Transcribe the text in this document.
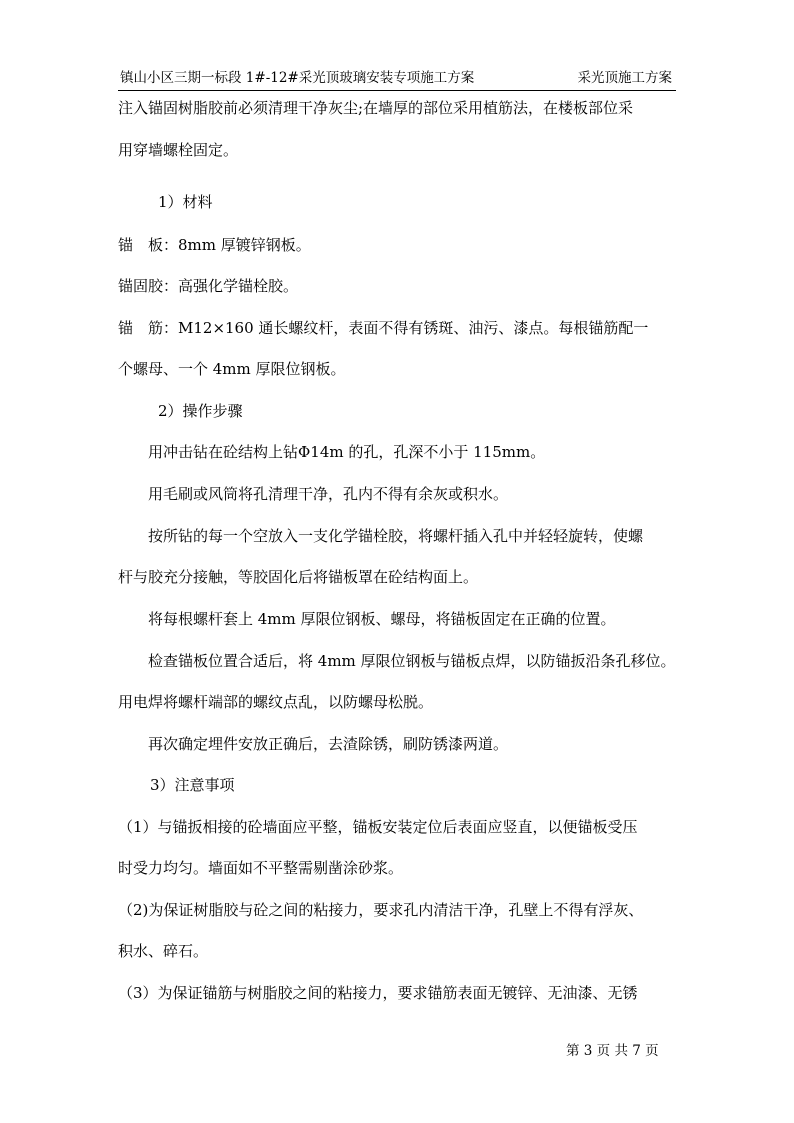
镇山小区三期一标段 1#-12#采光顶玻璃安装专项施工方案	采光顶施工方案
注入锚固树脂胶前必须清理干净灰尘;在墙厚的部位采用植筋法，在楼板部位采
用穿墙螺栓固定。
1）材料
锚　板：8mm 厚镀锌钢板。
锚固胶：高强化学锚栓胶。
锚　筋：M12×160 通长螺纹杆，表面不得有锈斑、油污、漆点。每根锚筋配一
个螺母、一个 4mm 厚限位钢板。
2）操作步骤
用冲击钻在砼结构上钻Φ14m 的孔，孔深不小于 115mm。
用毛刷或风筒将孔清理干净，孔内不得有余灰或积水。
按所钻的每一个空放入一支化学锚栓胶，将螺杆插入孔中并轻轻旋转，使螺
杆与胶充分接触，等胶固化后将锚板罩在砼结构面上。
将每根螺杆套上 4mm 厚限位钢板、螺母，将锚板固定在正确的位置。
检查锚板位置合适后，将 4mm 厚限位钢板与锚板点焊，以防锚扳沿条孔移位。
用电焊将螺杆端部的螺纹点乱，以防螺母松脱。
再次确定埋件安放正确后，去渣除锈，刷防锈漆两道。
3）注意事项
（1）与锚扳相接的砼墙面应平整，锚板安装定位后表面应竖直，以便锚板受压
时受力均匀。墙面如不平整需剔凿涂砂浆。
（2)为保证树脂胶与砼之间的粘接力，要求孔内清洁干净，孔壁上不得有浮灰、
积水、碎石。
（3）为保证锚筋与树脂胶之间的粘接力，要求锚筋表面无镀锌、无油漆、无锈
第 3 页 共 7 页
